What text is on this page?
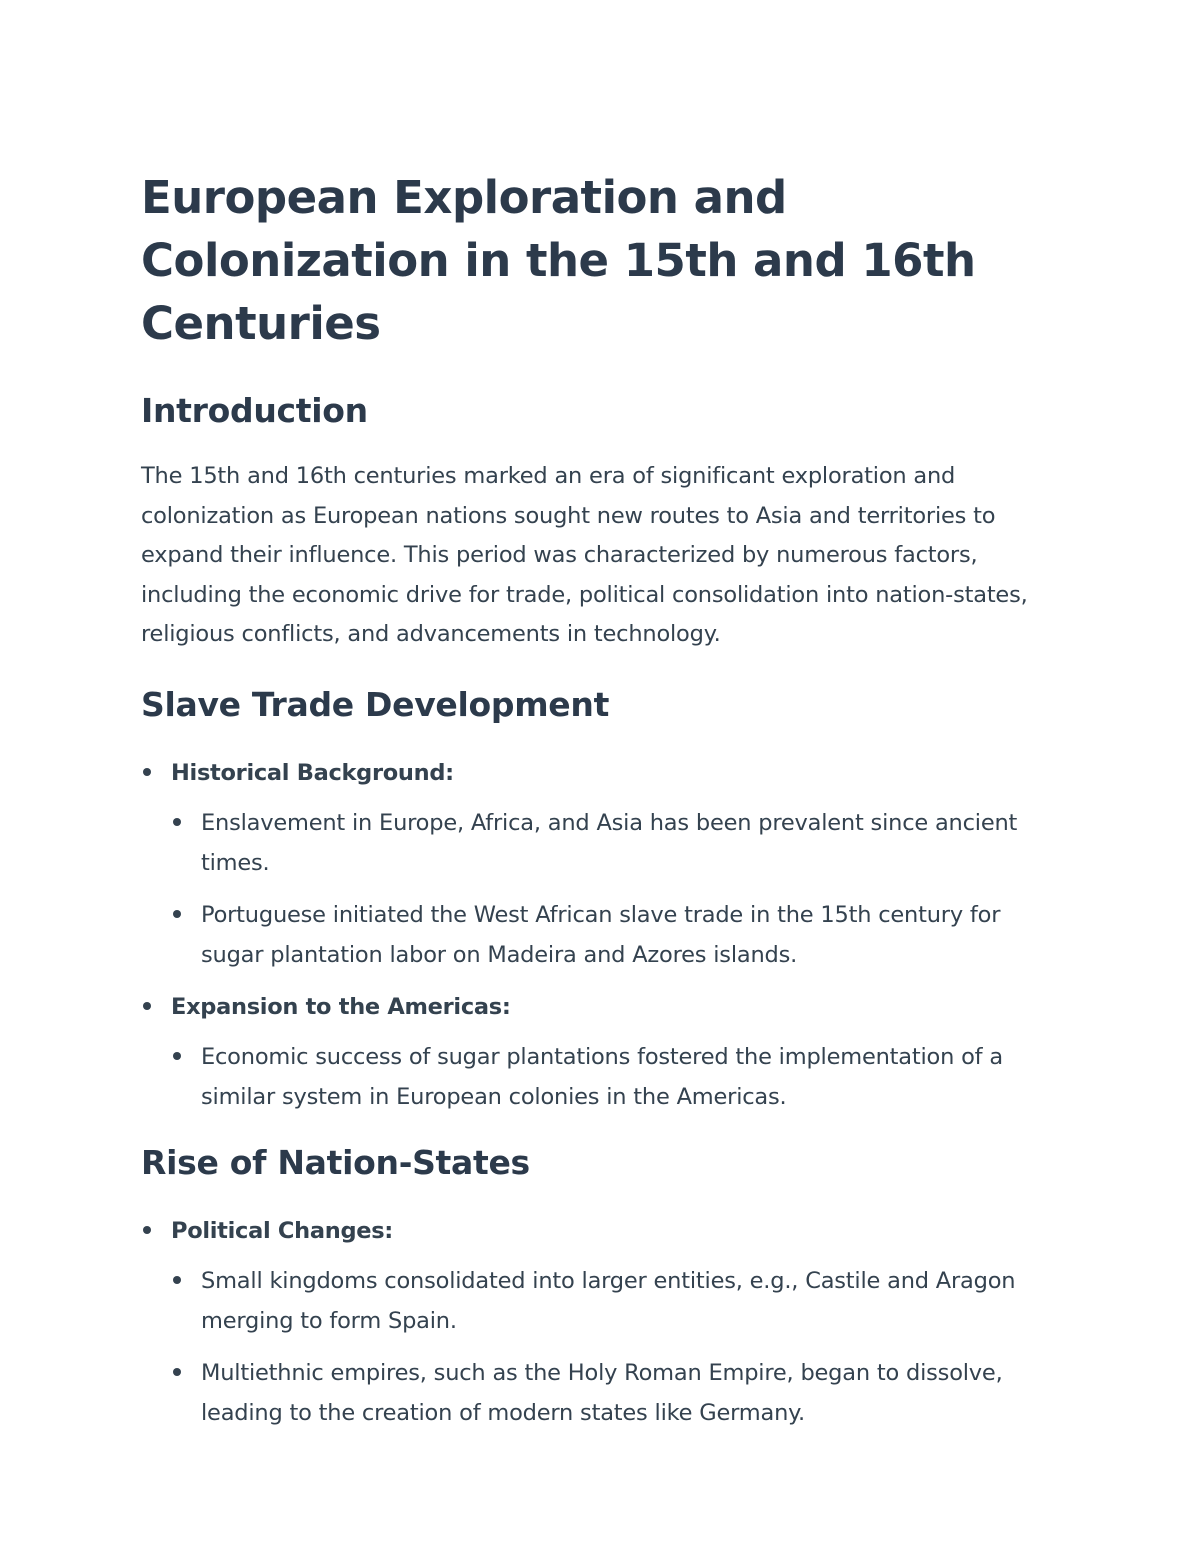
European Exploration and Colonization in the 15th and 16th Centuries
Introduction

The 15th and 16th centuries marked an era of significant exploration and colonization as European nations sought new routes to Asia and territories to expand their influence. This period was characterized by numerous factors, including the economic drive for trade, political consolidation into nation-states, religious conflicts, and advancements in technology.

Slave Trade Development
Historical Background:
Enslavement in Europe, Africa, and Asia has been prevalent since ancient times.
Portuguese initiated the West African slave trade in the 15th century for sugar plantation labor on Madeira and Azores islands.
Expansion to the Americas:
Economic success of sugar plantations fostered the implementation of a similar system in European colonies in the Americas.
Rise of Nation-States
Political Changes:
Small kingdoms consolidated into larger entities, e.g., Castile and Aragon merging to form Spain.
Multiethnic empires, such as the Holy Roman Empire, began to dissolve, leading to the creation of modern states like Germany.
